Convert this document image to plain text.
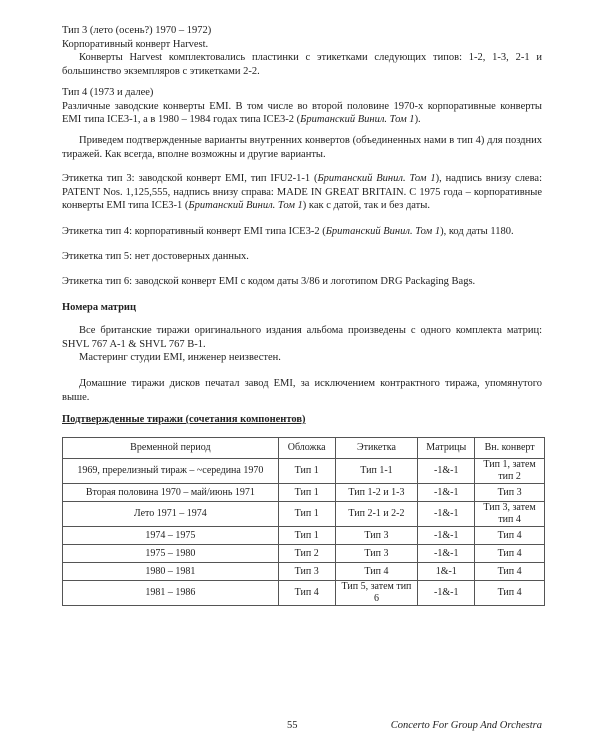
Тип 3 (лето (осень?) 1970 – 1972)
Корпоративный конверт Harvest.
Конверты Harvest комплектовались пластинки с этикетками следующих типов: 1-2, 1-3, 2-1 и большинство экземпляров с этикетками 2-2.
Тип 4 (1973 и далее)
Различные заводские конверты EMI. В том числе во второй половине 1970-х корпоративные конверты EMI типа ICE3-1, а в 1980 – 1984 годах типа ICE3-2 (Британский Винил. Том 1).

Приведем подтвержденные варианты внутренних конвертов (объединенных нами в тип 4) для поздних тиражей. Как всегда, вполне возможны и другие варианты.

Этикетка тип 3: заводской конверт EMI, тип IFU2-1-1 (Британский Винил. Том 1), надпись внизу слева: PATENT Nos. 1,125,555, надпись внизу справа: MADE IN GREAT BRITAIN. С 1975 года – корпоративные конверты EMI типа ICE3-1 (Британский Винил. Том 1) как с датой, так и без даты.

Этикетка тип 4: корпоративный конверт EMI типа ICE3-2 (Британский Винил. Том 1), код даты 1180.

Этикетка тип 5: нет достоверных данных.

Этикетка тип 6: заводской конверт EMI с кодом даты 3/86 и логотипом DRG Packaging Bags.

Номера матриц
Все британские тиражи оригинального издания альбома произведены с одного комплекта матриц: SHVL 767 A-1 & SHVL 767 B-1.
Мастеринг студии EMI, инженер неизвестен.

Домашние тиражи дисков печатал завод EMI, за исключением контрактного тиража, упомянутого выше.

Подтвержденные тиражи (сочетания компонентов)
Временной период	Обложка	Этикетка	Матрицы	Вн. конверт
1969, пререлизный тираж – ~середина 1970	Тип 1	Тип 1-1	-1&-1	Тип 1, затем тип 2
Вторая половина 1970 – май/июнь 1971	Тип 1	Тип 1-2 и 1-3	-1&-1	Тип 3
Лето 1971 – 1974	Тип 1	Тип 2-1 и 2-2	-1&-1	Тип 3, затем тип 4
1974 – 1975	Тип 1	Тип 3	-1&-1	Тип 4
1975 – 1980	Тип 2	Тип 3	-1&-1	Тип 4
1980 – 1981	Тип 3	Тип 4	1&-1	Тип 4
1981 – 1986	Тип 4	Тип 5, затем тип 6	-1&-1	Тип 4
55	Concerto For Group And Orchestra
